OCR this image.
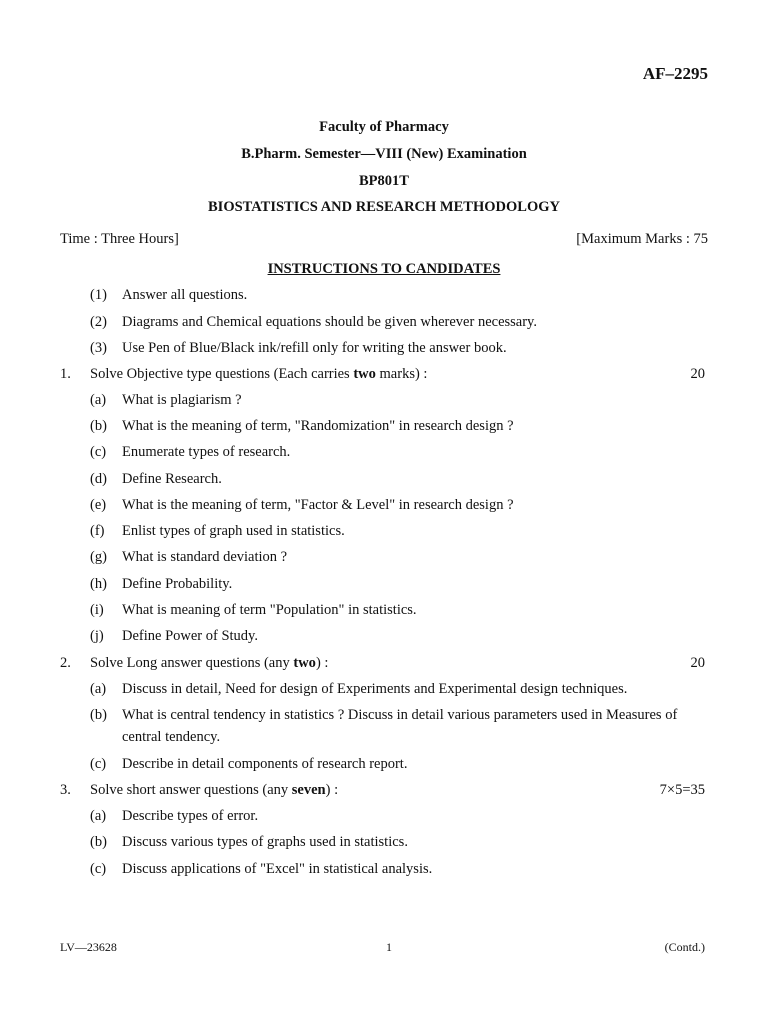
AF–2295
Faculty of Pharmacy
B.Pharm. Semester—VIII (New) Examination
BP801T
BIOSTATISTICS AND RESEARCH METHODOLOGY
Time : Three Hours]	[Maximum Marks : 75
INSTRUCTIONS TO CANDIDATES
(1) Answer all questions.
(2) Diagrams and Chemical equations should be given wherever necessary.
(3) Use Pen of Blue/Black ink/refill only for writing the answer book.
1. Solve Objective type questions (Each carries two marks) :	20
(a) What is plagiarism ?
(b) What is the meaning of term, "Randomization" in research design ?
(c) Enumerate types of research.
(d) Define Research.
(e) What is the meaning of term, "Factor & Level" in research design ?
(f) Enlist types of graph used in statistics.
(g) What is standard deviation ?
(h) Define Probability.
(i) What is meaning of term "Population" in statistics.
(j) Define Power of Study.
2. Solve Long answer questions (any two) :	20
(a) Discuss in detail, Need for design of Experiments and Experimental design techniques.
(b) What is central tendency in statistics ? Discuss in detail various parameters used in Measures of
central tendency.
(c) Describe in detail components of research report.
3. Solve short answer questions (any seven) :	7×5=35
(a) Describe types of error.
(b) Discuss various types of graphs used in statistics.
(c) Discuss applications of "Excel" in statistical analysis.
LV—23628	1	(Contd.)
